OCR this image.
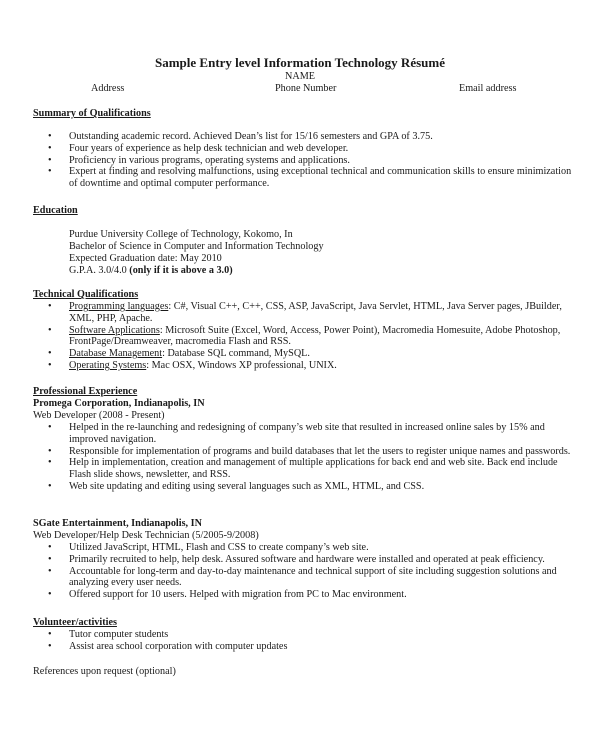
Sample Entry level Information Technology Résumé
NAME
Address	Phone Number	Email address
Summary of Qualifications
• Outstanding academic record. Achieved Dean’s list for 15/16 semesters and GPA of 3.75.
• Four years of experience as help desk technician and web developer.
• Proficiency in various programs, operating systems and applications.
• Expert at finding and resolving malfunctions, using exceptional technical and communication skills to ensure minimization of downtime and optimal computer performance.
Education
Purdue University College of Technology, Kokomo, In
Bachelor of Science in Computer and Information Technology
Expected Graduation date: May 2010
G.P.A. 3.0/4.0 (only if it is above a 3.0)
Technical Qualifications
• Programming languages: C#, Visual C++, C++, CSS, ASP, JavaScript, Java Servlet, HTML, Java Server pages, JBuilder, XML, PHP, Apache.
• Software Applications: Microsoft Suite (Excel, Word, Access, Power Point), Macromedia Homesuite, Adobe Photoshop, FrontPage/Dreamweaver, macromedia Flash and RSS.
• Database Management: Database SQL command, MySQL.
• Operating Systems: Mac OSX, Windows XP professional, UNIX.
Professional Experience
Promega Corporation, Indianapolis, IN
Web Developer (2008 - Present)
• Helped in the re-launching and redesigning of company’s web site that resulted in increased online sales by 15% and improved navigation.
• Responsible for implementation of programs and build databases that let the users to register unique names and passwords.
• Help in implementation, creation and management of multiple applications for back end and web site. Back end include Flash slide shows, newsletter, and RSS.
• Web site updating and editing using several languages such as XML, HTML, and CSS.
SGate Entertainment, Indianapolis, IN
Web Developer/Help Desk Technician (5/2005-9/2008)
• Utilized JavaScript, HTML, Flash and CSS to create company’s web site.
• Primarily recruited to help, help desk. Assured software and hardware were installed and operated at peak efficiency.
• Accountable for long-term and day-to-day maintenance and technical support of site including suggestion solutions and analyzing every user needs.
• Offered support for 10 users. Helped with migration from PC to Mac environment.
Volunteer/activities
• Tutor computer students
• Assist area school corporation with computer updates
References upon request (optional)
